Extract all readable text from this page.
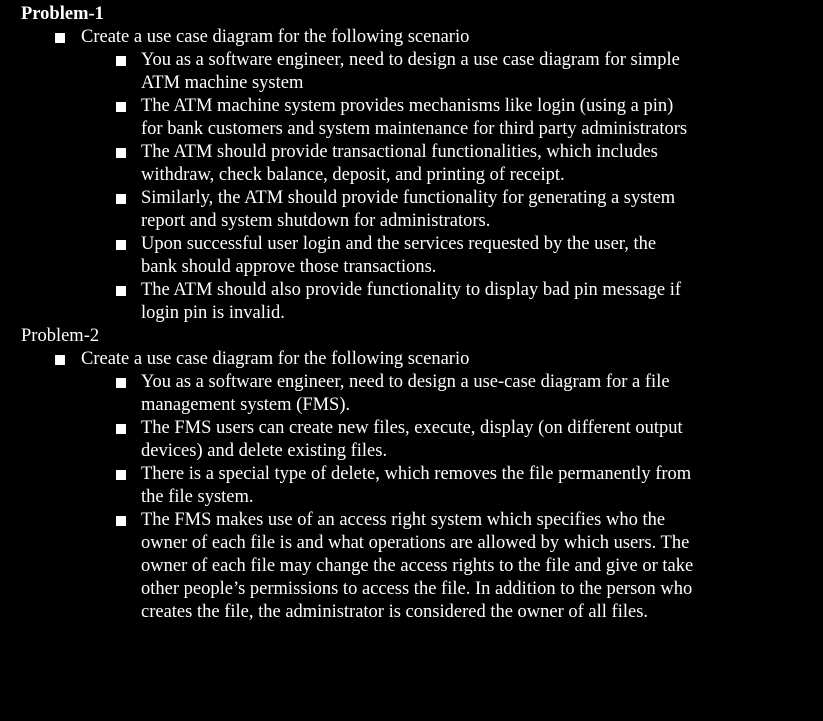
Problem-1
Create a use case diagram for the following scenario
You as a software engineer, need to design a use case diagram for simple
ATM machine system
The ATM machine system provides mechanisms like login (using a pin)
for bank customers and system maintenance for third party administrators
The ATM should provide transactional functionalities, which includes
withdraw, check balance, deposit, and printing of receipt.
Similarly, the ATM should provide functionality for generating a system
report and system shutdown for administrators.
Upon successful user login and the services requested by the user, the
bank should approve those transactions.
The ATM should also provide functionality to display bad pin message if
login pin is invalid.
Problem-2
Create a use case diagram for the following scenario
You as a software engineer, need to design a use-case diagram for a file
management system (FMS).
The FMS users can create new files, execute, display (on different output
devices) and delete existing files.
There is a special type of delete, which removes the file permanently from
the file system.
The FMS makes use of an access right system which specifies who the
owner of each file is and what operations are allowed by which users. The
owner of each file may change the access rights to the file and give or take
other people’s permissions to access the file. In addition to the person who
creates the file, the administrator is considered the owner of all files.
